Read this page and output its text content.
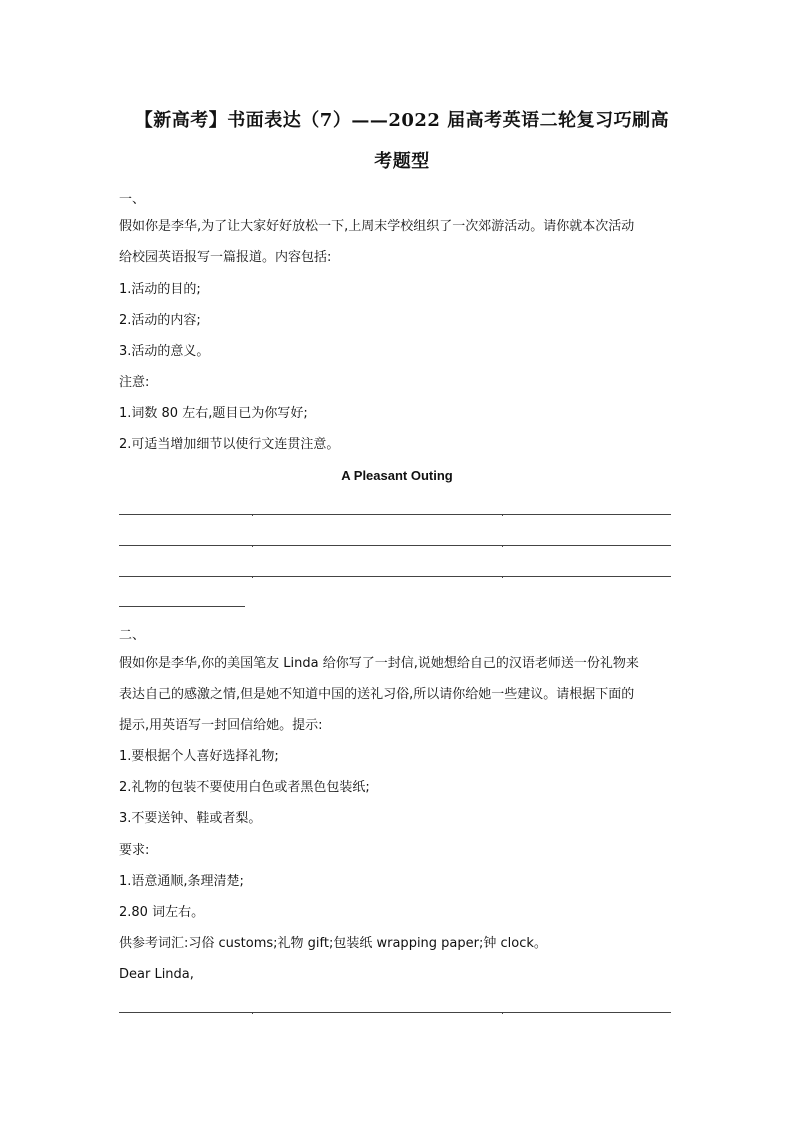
【新高考】书面表达（7）——2022 届高考英语二轮复习巧刷高
考题型
一、
假如你是李华,为了让大家好好放松一下,上周末学校组织了一次郊游活动。请你就本次活动
给校园英语报写一篇报道。内容包括:
1.活动的目的;
2.活动的内容;
3.活动的意义。
注意:
1.词数 80 左右,题目已为你写好;
2.可适当增加细节以使行文连贯注意。
A Pleasant Outing
二、
假如你是李华,你的美国笔友 Linda 给你写了一封信,说她想给自己的汉语老师送一份礼物来
表达自己的感激之情,但是她不知道中国的送礼习俗,所以请你给她一些建议。请根据下面的
提示,用英语写一封回信给她。提示:
1.要根据个人喜好选择礼物;
2.礼物的包装不要使用白色或者黑色包装纸;
3.不要送钟、鞋或者梨。
要求:
1.语意通顺,条理清楚;
2.80 词左右。
供参考词汇:习俗 customs;礼物 gift;包装纸 wrapping paper;钟 clock。
Dear Linda,
